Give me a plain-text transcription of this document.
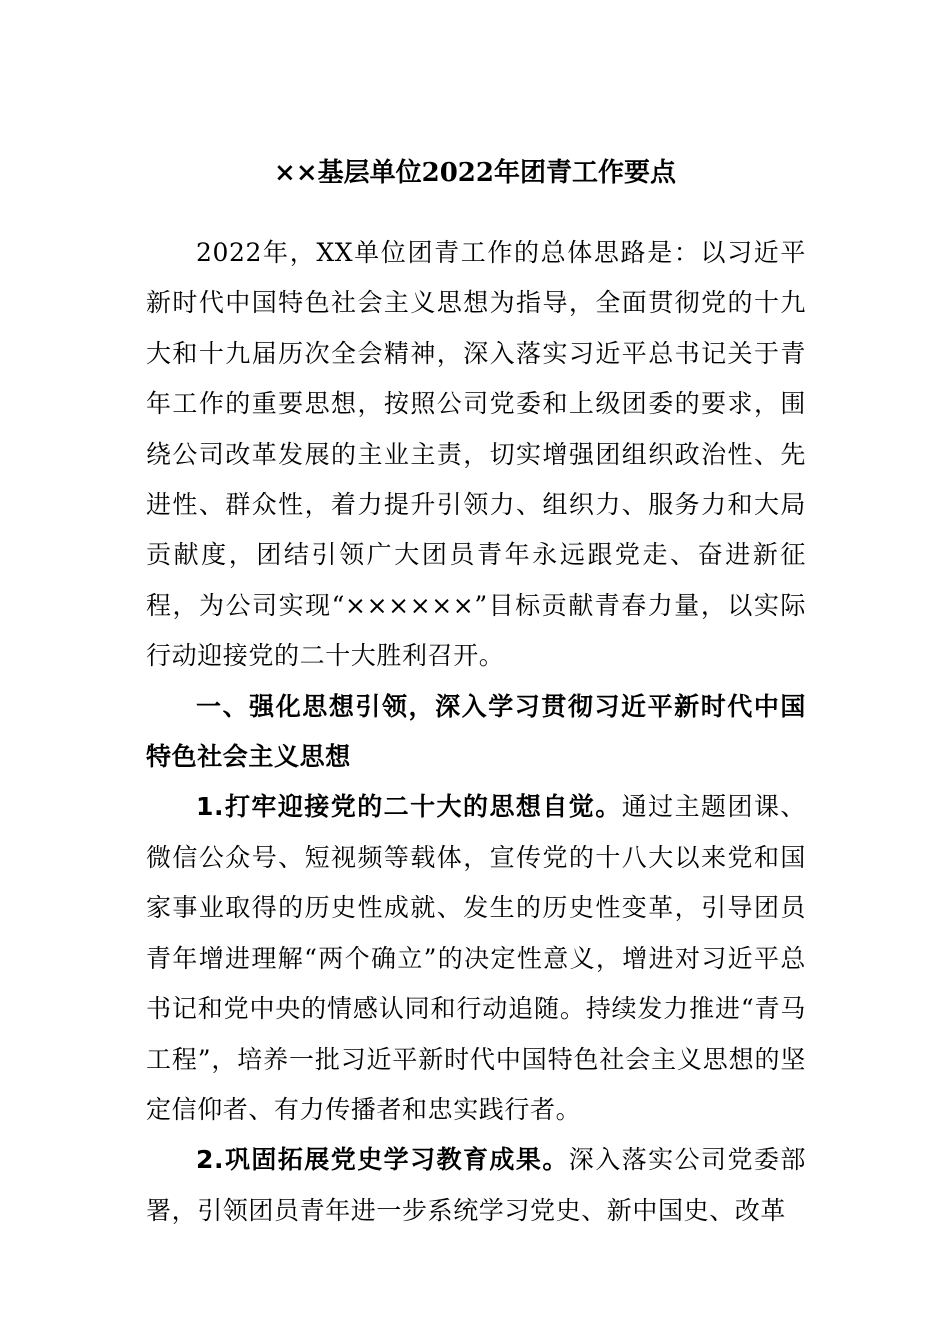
××基层单位2022年团青工作要点

2022年，XX单位团青工作的总体思路是：以习近平新时代中国特色社会主义思想为指导，全面贯彻党的十九大和十九届历次全会精神，深入落实习近平总书记关于青年工作的重要思想，按照公司党委和上级团委的要求，围绕公司改革发展的主业主责，切实增强团组织政治性、先进性、群众性，着力提升引领力、组织力、服务力和大局贡献度，团结引领广大团员青年永远跟党走、奋进新征程，为公司实现“××××××”目标贡献青春力量，以实际行动迎接党的二十大胜利召开。

一、强化思想引领，深入学习贯彻习近平新时代中国特色社会主义思想

1.打牢迎接党的二十大的思想自觉。通过主题团课、微信公众号、短视频等载体，宣传党的十八大以来党和国家事业取得的历史性成就、发生的历史性变革，引导团员青年增进理解“两个确立”的决定性意义，增进对习近平总书记和党中央的情感认同和行动追随。持续发力推进“青马工程”，培养一批习近平新时代中国特色社会主义思想的坚定信仰者、有力传播者和忠实践行者。

2.巩固拓展党史学习教育成果。深入落实公司党委部署，引领团员青年进一步系统学习党史、新中国史、改革
